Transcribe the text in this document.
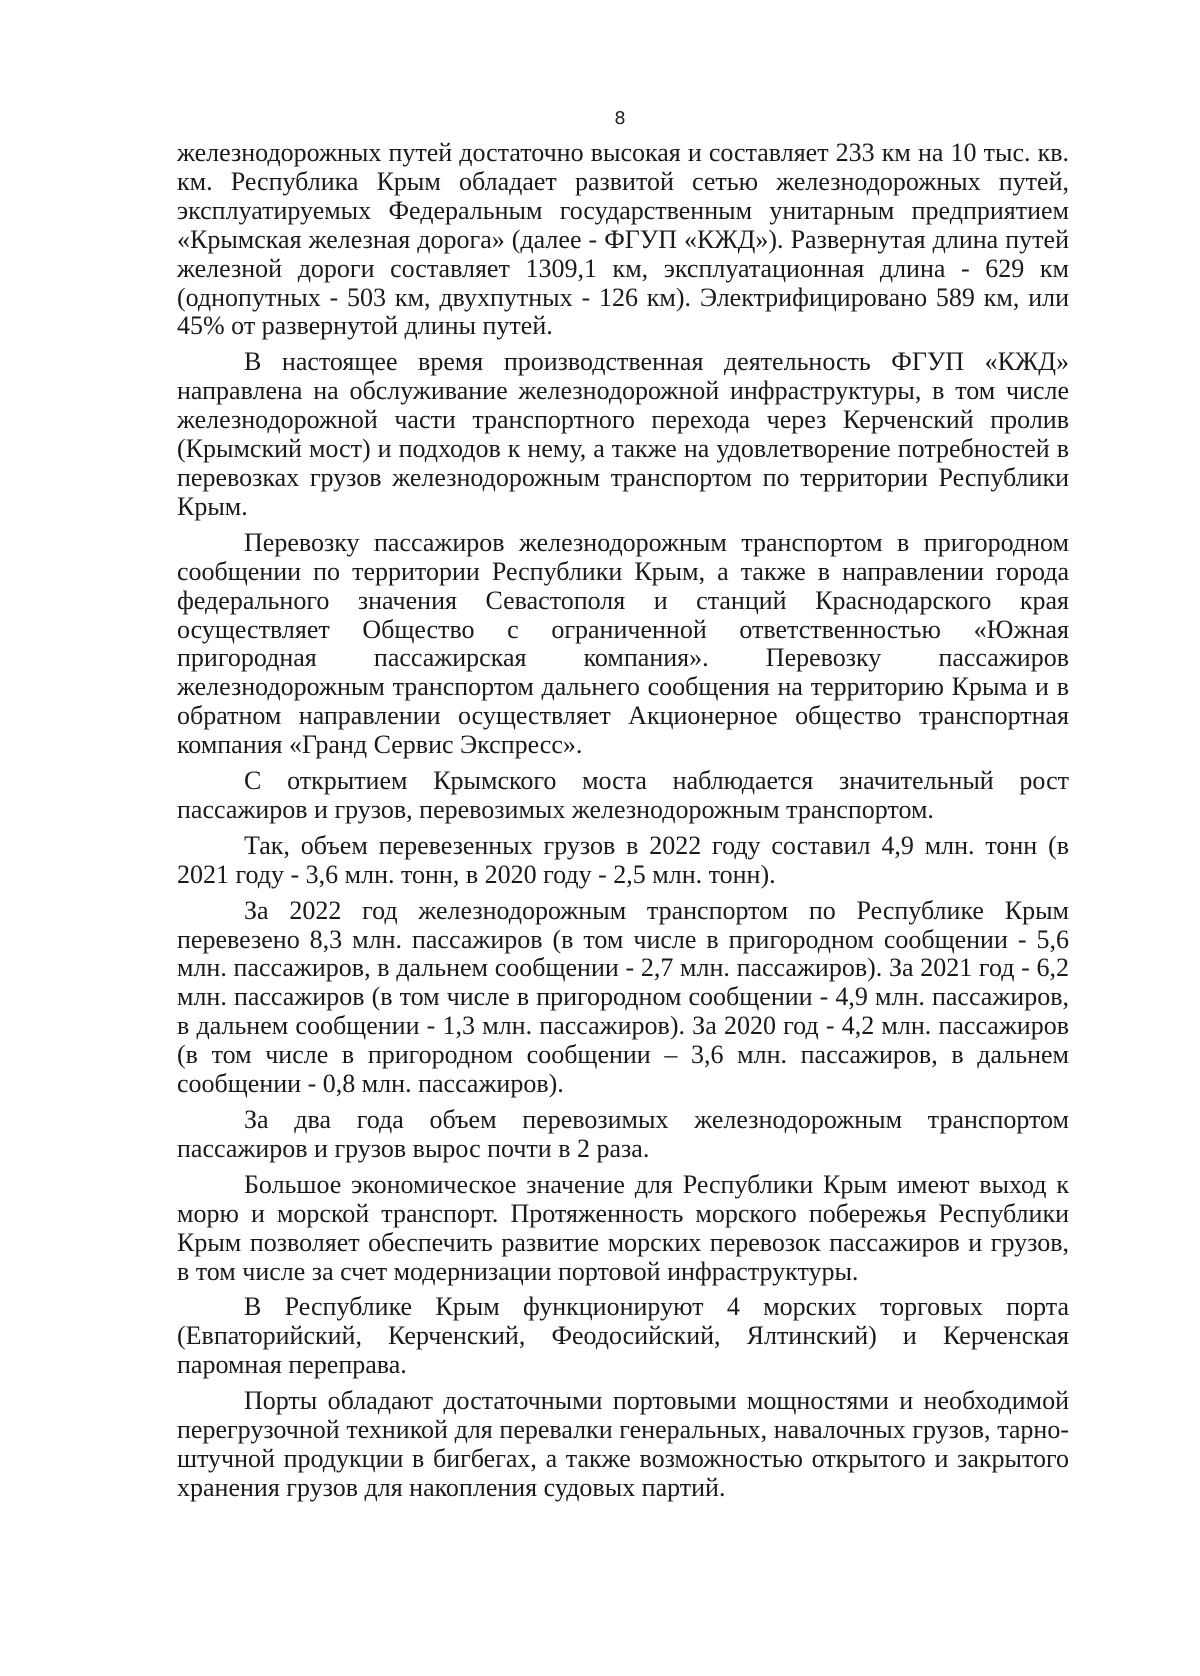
8

железнодорожных путей достаточно высокая и составляет 233 км на 10 тыс. кв. км. Республика Крым обладает развитой сетью железнодорожных путей, эксплуатируемых Федеральным государственным унитарным предприятием «Крымская железная дорога» (далее - ФГУП «КЖД»). Развернутая длина путей железной дороги составляет 1309,1 км, эксплуатационная длина - 629 км (однопутных - 503 км, двухпутных - 126 км). Электрифицировано 589 км, или 45% от развернутой длины путей.

В настоящее время производственная деятельность ФГУП «КЖД» направлена на обслуживание железнодорожной инфраструктуры, в том числе железнодорожной части транспортного перехода через Керченский пролив (Крымский мост) и подходов к нему, а также на удовлетворение потребностей в перевозках грузов железнодорожным транспортом по территории Республики Крым.

Перевозку пассажиров железнодорожным транспортом в пригородном сообщении по территории Республики Крым, а также в направлении города федерального значения Севастополя и станций Краснодарского края осуществляет Общество с ограниченной ответственностью «Южная пригородная пассажирская компания». Перевозку пассажиров железнодорожным транспортом дальнего сообщения на территорию Крыма и в обратном направлении осуществляет Акционерное общество транспортная компания «Гранд Сервис Экспресс».

С открытием Крымского моста наблюдается значительный рост пассажиров и грузов, перевозимых железнодорожным транспортом.

Так, объем перевезенных грузов в 2022 году составил 4,9 млн. тонн (в 2021 году - 3,6 млн. тонн, в 2020 году - 2,5 млн. тонн).

За 2022 год железнодорожным транспортом по Республике Крым перевезено 8,3 млн. пассажиров (в том числе в пригородном сообщении - 5,6 млн. пассажиров, в дальнем сообщении - 2,7 млн. пассажиров). За 2021 год - 6,2 млн. пассажиров (в том числе в пригородном сообщении - 4,9 млн. пассажиров, в дальнем сообщении - 1,3 млн. пассажиров). За 2020 год - 4,2 млн. пассажиров (в том числе в пригородном сообщении – 3,6 млн. пассажиров, в дальнем сообщении - 0,8 млн. пассажиров).

За два года объем перевозимых железнодорожным транспортом пассажиров и грузов вырос почти в 2 раза.

Большое экономическое значение для Республики Крым имеют выход к морю и морской транспорт. Протяженность морского побережья Республики Крым позволяет обеспечить развитие морских перевозок пассажиров и грузов, в том числе за счет модернизации портовой инфраструктуры.

В Республике Крым функционируют 4 морских торговых порта (Евпаторийский, Керченский, Феодосийский, Ялтинский) и Керченская паромная переправа.

Порты обладают достаточными портовыми мощностями и необходимой перегрузочной техникой для перевалки генеральных, навалочных грузов, тарно-штучной продукции в бигбегах, а также возможностью открытого и закрытого хранения грузов для накопления судовых партий.
